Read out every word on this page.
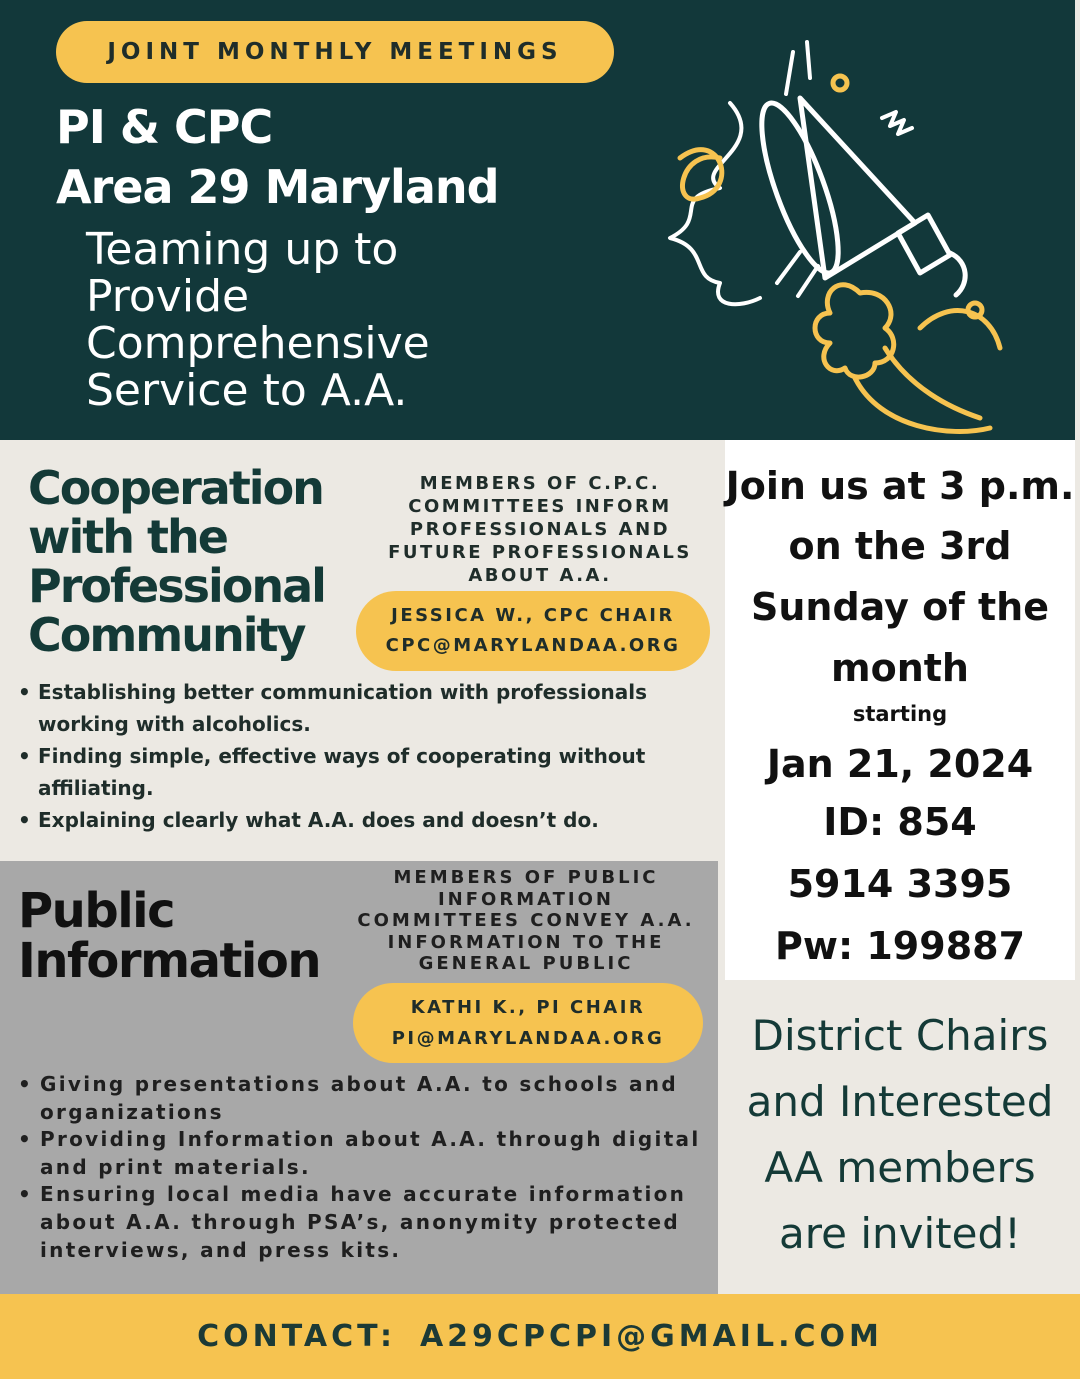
JOINT MONTHLY MEETINGS
PI & CPC
Area 29 Maryland
Teaming up to
Provide
Comprehensive
Service to A.A.
Cooperation
with the
Professional
Community
MEMBERS OF C.P.C.
COMMITTEES INFORM
PROFESSIONALS AND
FUTURE PROFESSIONALS
ABOUT A.A.
JESSICA W., CPC CHAIR
CPC@MARYLANDAA.ORG
• Establishing better communication with professionals working with alcoholics.
• Finding simple, effective ways of cooperating without affiliating.
• Explaining clearly what A.A. does and doesn’t do.
Public
Information
MEMBERS OF PUBLIC
INFORMATION
COMMITTEES CONVEY A.A.
INFORMATION TO THE
GENERAL PUBLIC
KATHI K., PI CHAIR
PI@MARYLANDAA.ORG
• Giving presentations about A.A. to schools and organizations
• Providing Information about A.A. through digital and print materials.
• Ensuring local media have accurate information about A.A. through PSA’s, anonymity protected interviews, and press kits.
Join us at 3 p.m.
on the 3rd
Sunday of the
month
starting
Jan 21, 2024
ID: 854
5914 3395
Pw: 199887
District Chairs
and Interested
AA members
are invited!
CONTACT: A29CPCPI@GMAIL.COM
